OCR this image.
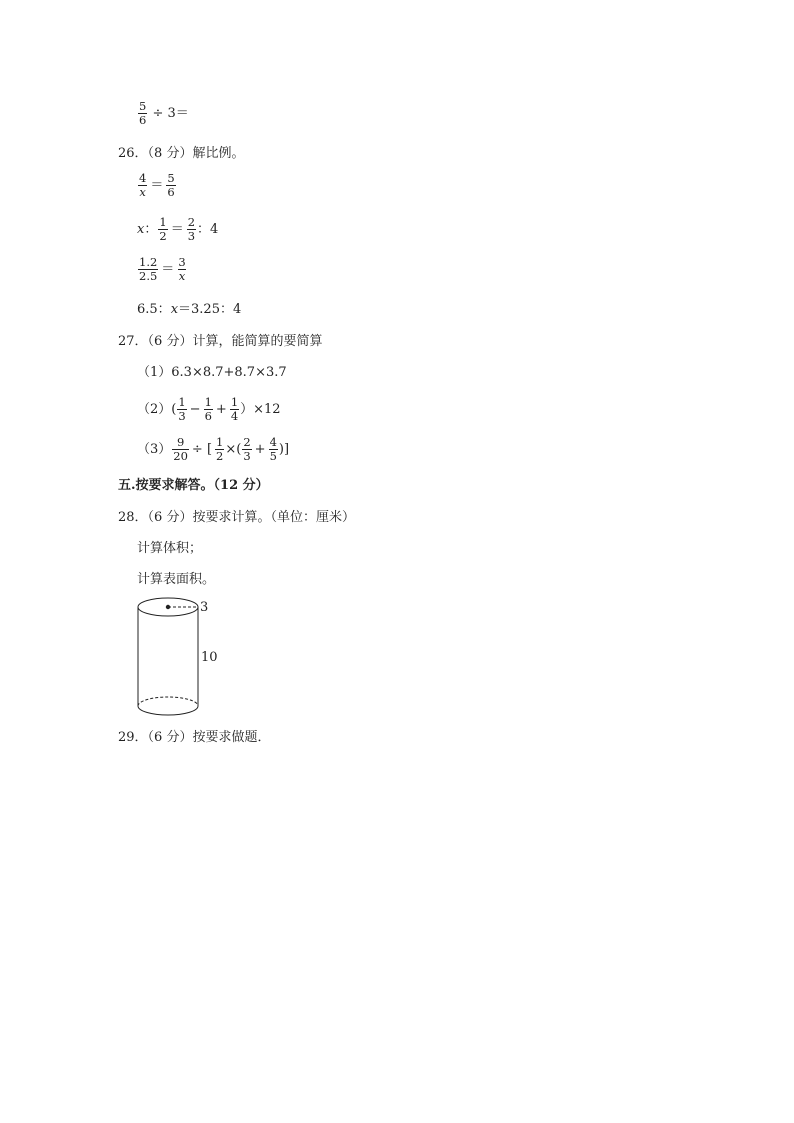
$\frac{5}{6} \div 3=$
26．（8 分）解比例。
$\frac{4}{x} = \frac{5}{6}$
x： $\frac{1}{2} = \frac{2}{3}$ ：4
$\frac{1.2}{2.5} = \frac{3}{x}$
6.5：x＝3.25：4
27．（6 分）计算，能简算的要简算
（1）6.3×8.7+8.7×3.7
$(2)( \frac{1}{3} - \frac{1}{6} + \frac{1}{4} )\times 12$
$(3) \frac{9}{20}$ ÷ [ $\frac{1}{2}$ ×( $\frac{2}{3} + \frac{4}{5}$ )]
五.按要求解答。（12 分）
28．（6 分）按要求计算。（单位：厘米）
计算体积；
计算表面积。
3
10
29．（6 分）按要求做题．
